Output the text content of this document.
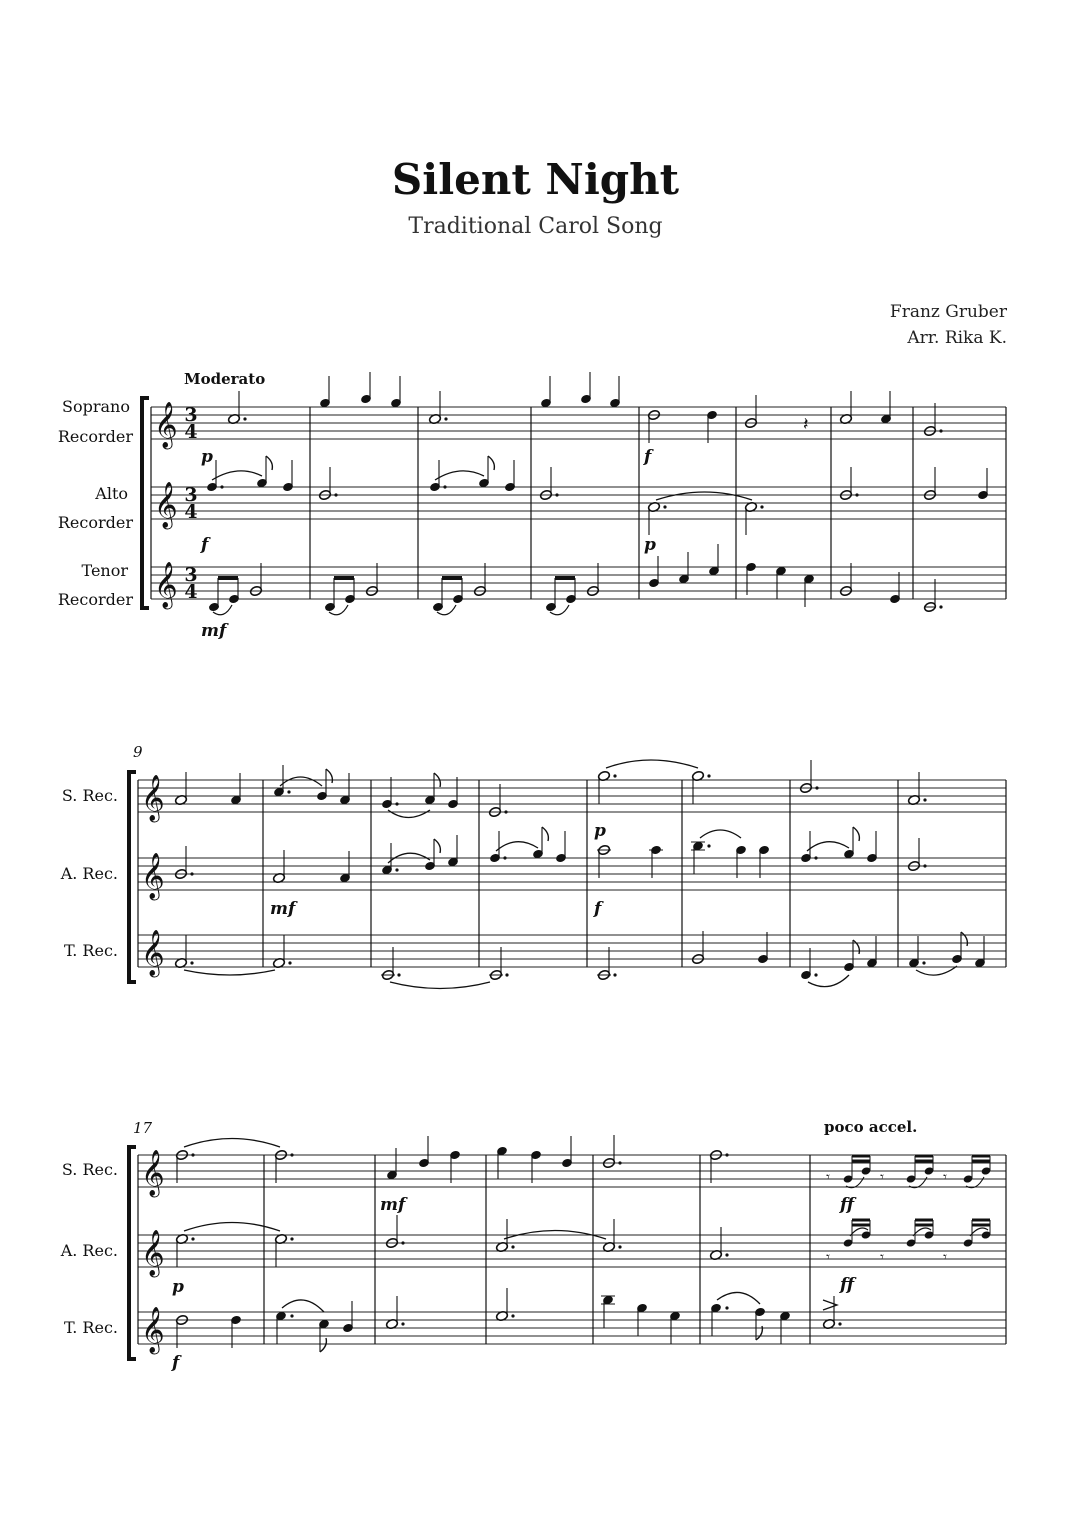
Silent Night
Traditional Carol Song
Franz Gruber
Arr. Rika K.
Moderato
Soprano
Recorder
Alto
Recorder
Tenor
Recorder
𝄞
𝄞
𝄞
3
4
3
4
3
4
𝄽
p	f
f	p
mf
9
S. Rec.
A. Rec.
T. Rec.
𝄞
𝄞
𝄞
p
mf	f
17	poco accel.
S. Rec.
A. Rec.
T. Rec.
𝄞
𝄞
𝄞
𝄾	𝄾	𝄾
𝄾	𝄾	𝄾
mf	ff
p	ff
f
